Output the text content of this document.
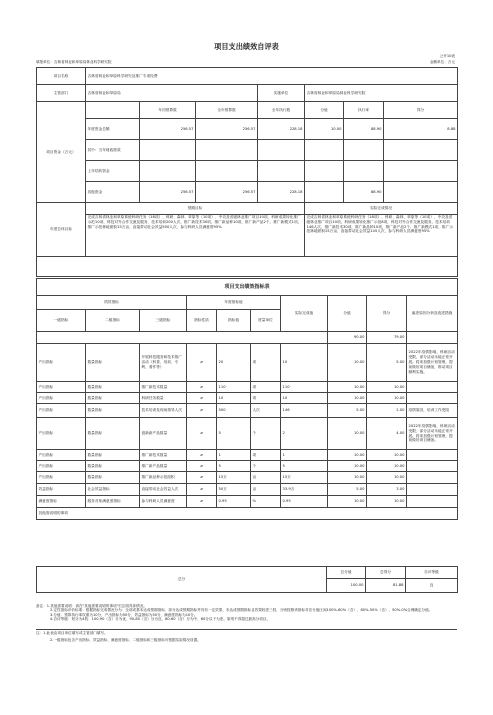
项目支出绩效自评表
公开10表
填报单位：吉林省林业和草原局林业科学研究院	金额单位：万元
项目名称	吉林省林业和草原科学研究及推广专项经费						
主管部门	吉林省林业和草原局			实施单位	吉林省林业和草原局林业科学研究院		
项目资金（万元）		年初预算数	全年预算数	全年执行数	分值	执行率	得分
	年度资金总额	256.57	256.57	228.18	10.00	88.90	8.88
	其中：当年财政拨款						
	上年结转资金						
	其他资金	256.57	256.57	228.18		88.90	
年度总体目标	预期目标				实际完成情况		
	完成吉林省林业和草原系统科研任务（18项）、科研、森林、草原等（10项）、中央及省级林业推广项目10项，科研成果转化推广示范10项、科技对外合作交流及服务，技术培训200人次，推广新技术30项，推广新品种10项，推广新产品2个，推广新模式1项，推广示范林地面积15万亩，直接带动社会效益500人次，参与科研人员满意度95%				完成吉林省林业和草原系统科研任务（18项）、科研、森林、草原等（10项）、中央及省级林业推广项目10项，科研成果转化推广示范8项，科技对外合作交流及服务，技术培训146人次，推广新技术30项，推广新品种10项，推广新产品2个，推广新模式1项，推广示范林地面积15万亩，直接带动社会效益145人次，参与科研人员满意度95%		

项目支出绩效指标表									
绩效指标			年度指标值			实际完成值	分值	得分	偏差原因分析及改进措施
一级指标	二级指标	三级指标	指标性质	指标值	度量单位				
							90.00	79.00	
产出指标	数量指标	开展科技服务和技术推广活动（科普、培训、专利、著作等）	≥	20	项	10	10.00	5.00	2022年疫情影响，科研活动受限，部分活动未能正常开展。将来加强计划管理，提前做好项目储备，推动项目顺利实施。
产出指标	数量指标	推广新技术数量	≥	110	项	110	10.00	10.00	
产出指标	数量指标	科研任务数量	≥	10	项	10	10.00	10.00	
产出指标	数量指标	技术培训及现场指导人次	≥	500	人次	146	5.00	2.00	疫情原因，培训工作受阻
产出指标	数量指标	创新新产品数量	≥	5	个	2	10.00	4.00	2022年疫情影响，科研活动受限，部分活动未能正常开展。将来加强计划管理，提前做好项目储备。
产出指标	数量指标	推广新技术数量	≥	1	项	1	10.00	10.00	
产出指标	数量指标	推广新产品数量	≥	5	个	5	10.00	10.00	
产出指标	数量指标	推广新品种示范面积	≥	15万	亩	15万	10.00	10.00	
效益指标	社会效益指标	直接带动社会效益人次	≥	50万	亩	33.9万	5.00	3.00	
满意度指标	服务对象满意度指标	参与科研人员满意度	≥	0.95	%	0.95	10.00	10.00	
其他需说明的事项									
总分	总分值	总得分	自评等级
	100.00	81.88	良
备注：1.其他需要说明：请在"其他需要说明的事项"栏注明具体情况。
2.定性指标评价标准：根据指标完成情况分为：全部或基本达成预期指标、部分达成预期指标并具有一定效果、未达成预期指标且效果较差三档，分别按照该指标对应分值区间100%-80%（含）、80%-50%（含）、50%-0%合理确定分值。
3.分值：预算执行率权重为10分，产出指标为50分，效益指标为30分，满意度指标为10分。
4.自评等级：划分为4档：100-90（含）分为优、90-80（含）分为良、80-60（含）分为中、60分以下为差。原则不得超过最高分项目。
注：1.此表由项目单位填写或主管部门填写。
2.一级指标包含产出指标、效益指标、满意度指标，二级指标和三级指标可根据实际情况设置。
